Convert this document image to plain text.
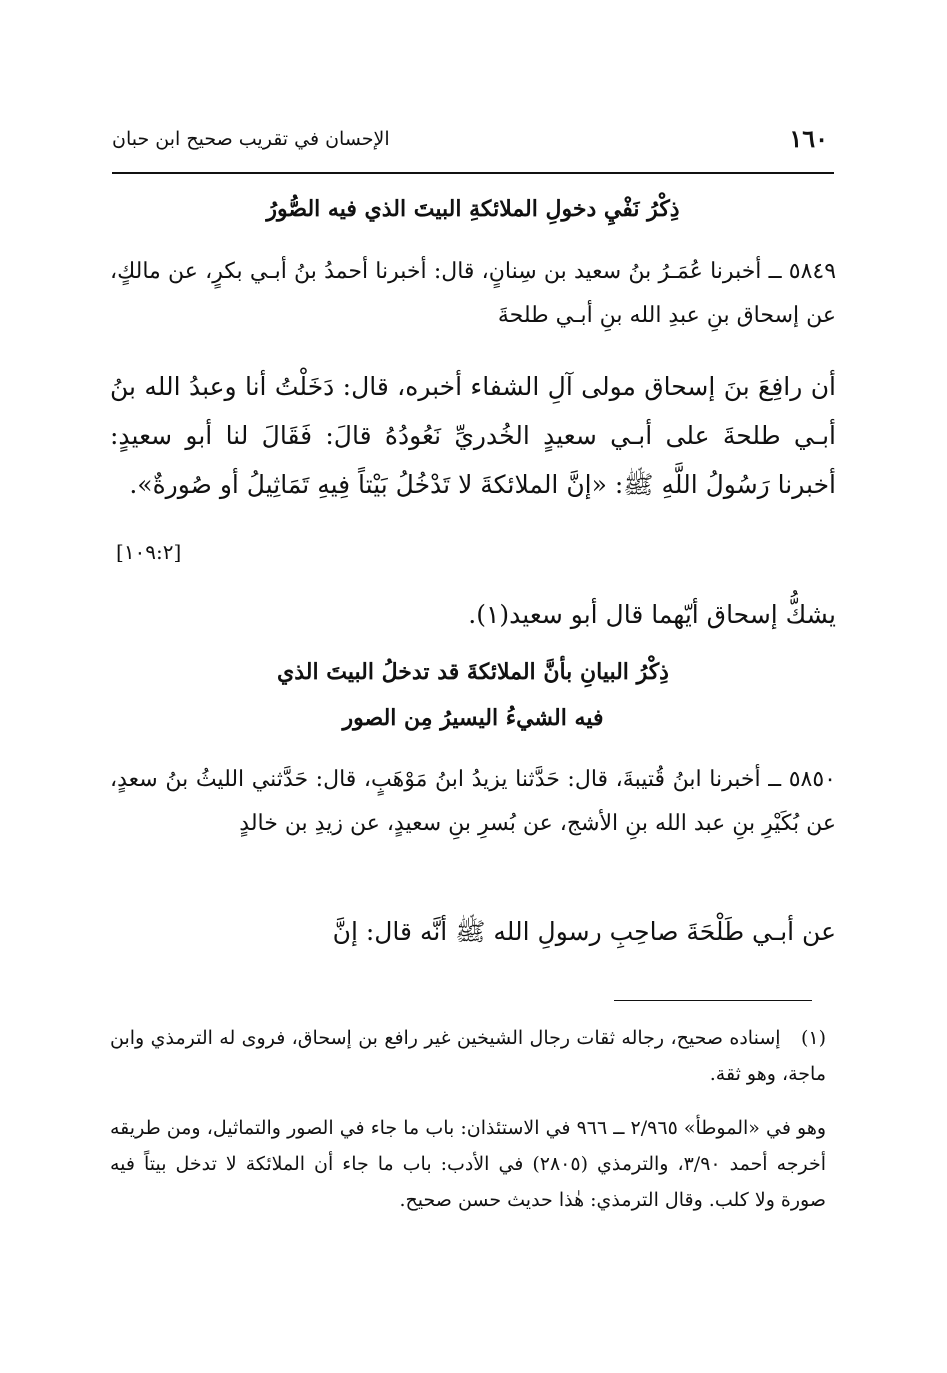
الإحسان في تقريب صحيح ابن حبان	١٦٠
ذِكْرُ نَفْيِ دخولِ الملائكةِ البيتَ الذي فيه الصُّورُ
٥٨٤٩ ــ أخبرنا عُمَـرُ بنُ سعيد بن سِنانٍ، قال: أخبرنا أحمدُ بنُ أبـي بكرٍ، عن مالكٍ، عن إسحاق بنِ عبدِ الله بنِ أبـي طلحةَ
أن رافِعَ بنَ إسحاق مولى آلِ الشفاء أخبره، قال: دَخَلْتُ أنا وعبدُ الله بنُ أبـي طلحةَ على أبـي سعيدٍ الخُدريِّ نَعُودُهُ قالَ: فَقَالَ لنا أبو سعيدٍ: أخبرنا رَسُولُ اللَّهِ ﷺ: «إنَّ الملائكةَ لا تَدْخُلُ بَيْتاً فِيهِ تَمَاثِيلُ أو صُورةٌ».
[١٠٩:٢]
يشكُّ إسحاق أيّهما قال أبو سعيد(١).
ذِكْرُ البيانِ بأنَّ الملائكةَ قد تدخلُ البيتَ الذي
فيه الشيءُ اليسيرُ مِن الصور
٥٨٥٠ ــ أخبرنا ابنُ قُتيبةَ، قال: حَدَّثنا يزيدُ ابنُ مَوْهَبٍ، قال: حَدَّثني الليثُ بنُ سعدٍ، عن بُكَيْرِ بنِ عبد الله بنِ الأشج، عن بُسرِ بنِ سعيدٍ، عن زيدِ بن خالدٍ
عن أبـي طَلْحَةَ صاحِبِ رسولِ الله ﷺ أنَّه قال: إنَّ
(١) إسناده صحيح، رجاله ثقات رجال الشيخين غير رافع بن إسحاق، فروى له الترمذي وابن ماجة، وهو ثقة.
وهو في «الموطأ» ٢/٩٦٥ ــ ٩٦٦ في الاستئذان: باب ما جاء في الصور والتماثيل، ومن طريقه أخرجه أحمد ٣/٩٠، والترمذي (٢٨٠٥) في الأدب: باب ما جاء أن الملائكة لا تدخل بيتاً فيه صورة ولا كلب. وقال الترمذي: هٰذا حديث حسن صحيح.
